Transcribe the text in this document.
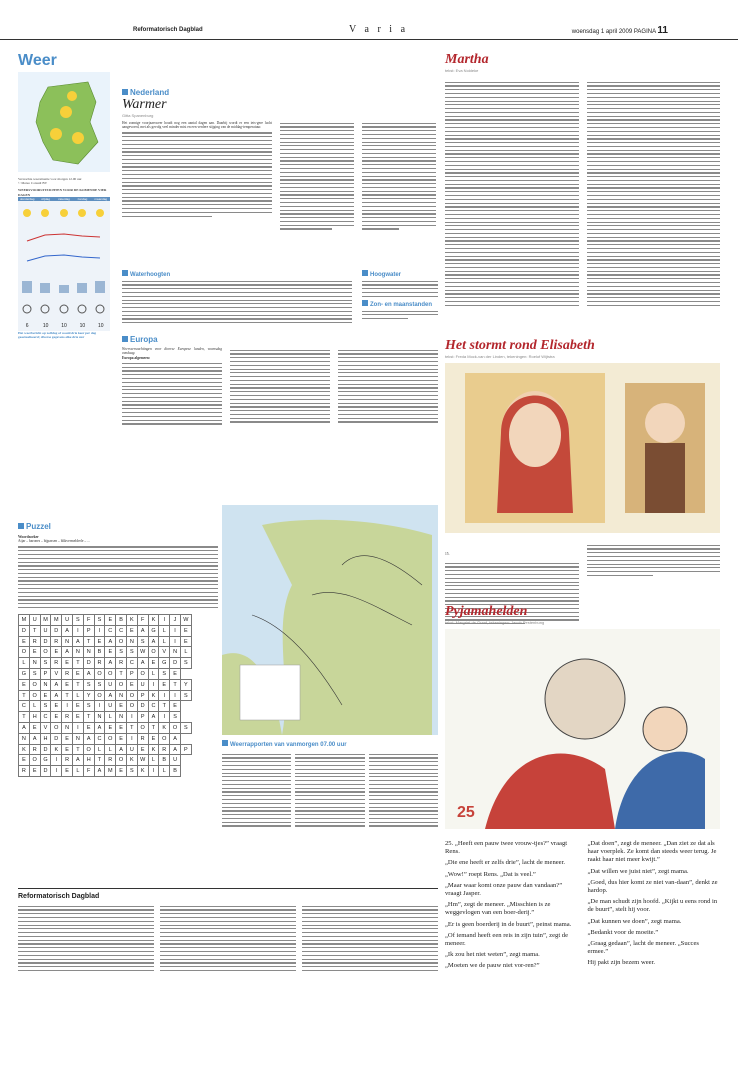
Reformatorisch Dagblad	V a r i a	woensdag 1 april 2009 PAGINA 11
Weer
Verwachte weersituatie voor morgen 12.00 uur
© Meteo Consult BV
WEERSVOORUITZICHTEN VOOR DE KOMENDE VIER DAGEN
donderdag	vrijdag	zaterdag	zondag	maandag
6	10	10	10	10
Het weerbericht op zolfdag of woold drie keer per dag geactualiseerd; diverse gegevens elke drie uur
Nederland
Warmer
Gitta Spanenburg
Het zonnige voorjaarsweer houdt nog een aantal dagen aan. Daarbij wordt er een iets-gere lucht aangevoerd, met als gevolg veel minder mist en een verdere stijging van de middag-temperatuur.
Waterhoogten	Hoogwater
Zon- en maanstanden
Europa
Weersverwachtingen voor diverse Europese landen, woensdag vandaag.
Europa algemeen:
Puzzel
Woordzoeker
Atjar – barones – bijpassen – blikvermelderle – ...
M	U	M	M	U	S	F	S	E	B	K	F	K	I	J	W
D	T	U	D	A	I	P	I	C	C	E	A	G	L	I	E
E	R	D	R	N	A	T	E	A	O	N	S	A	L	I	E
O	E	O	E	A	N	N	B	E	S	S	W	O	V	N	L
L	N	S	R	E	T	D	R	A	R	C	A	E	G	D	S
G	S	P	V	R	E	A	O	O	T	P	O	L	S	E	
E	O	N	A	E	T	S	S	U	O	E	U	I	E	T	Y
T	O	E	A	T	L	Y	O	A	N	O	P	K	I	I	S
C	L	S	E	I	E	S	I	U	E	O	D	C	T	E	
T	H	C	E	R	E	T	N	L	N	I	P	A	I	S	
A	E	V	O	N	I	E	A	E	E	T	O	T	K	O	S
N	A	H	D	E	N	A	C	O	E	I	R	E	O	A	
K	R	D	K	E	T	O	L	L	A	U	E	K	R	A	P
E	O	G	I	R	A	H	T	R	O	K	W	L	B	U	
R	E	D	I	E	L	F	A	M	E	S	K	I	L	B	
Weerrapporten van vanmorgen 07.00 uur
Reformatorisch Dagblad
Martha
tekst: Eva Noldeke
Het stormt rond Elisabeth
tekst: Freda Mock-van der Linden, tekeningen: Roelof Wijtstra
15.
Pyjamahelden
tekst: Margriet de Graaf, tekeningen: Jacob Pestenbung
25

25. „Heeft een pauw twee vrouw-tjes?” vraagt Rens.

„Die ene heeft er zelfs drie”, lacht de meneer.

„Wow!” roept Rens. „Dat is veel.”

„Maar waar komt onze pauw dan vandaan?” vraagt Jasper.

„Hm”, zegt de meneer. „Misschien is ze weggevlogen van een boer-derij.”

„Er is geen boerderij in de buurt”, peinst mama.

„Of iemand heeft een reis in zijn tuin”, zegt de meneer.

„Ik zou het niet weten”, zegt mama.

„Moeten we de pauw niet vor-ren?”

„Dat doen”, zegt de meneer. „Dan ziet ze dat als haar voerplek. Ze komt dan steeds weer terug. Je raakt haar niet meer kwijt.”

„Dat willen we juist niet”, zegt mama.

„Goed, dus hier komt ze niet van-daan”, denkt ze hardop.

„De man schudt zijn hoofd. „Kijkt u eens rond in de buurt”, stelt hij voor.

„Dat kunnen we doen”, zegt mama.

„Bedankt voor de moeite.”

„Graag gedaan”, lacht de meneer. „Succes ermee.”

Hij pakt zijn bezem weer.
